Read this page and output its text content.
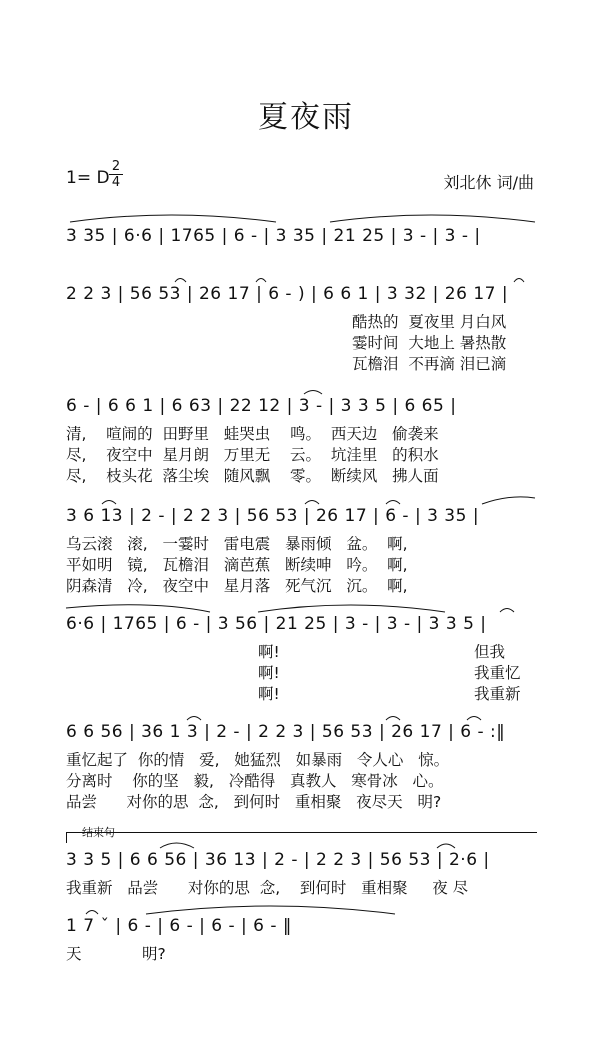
夏夜雨
1= D
2
4	刘北休 词/曲
3 35 | 6·6 | 1765 | 6 - | 3 35 | 21 25 | 3 - | 3 - |
2 2 3 | 56 53 | 26 17 | 6 - ) | 6 6 1 | 3 32 | 26 17 |
酷热的  夏夜里 月白风
霎时间  大地上 暑热散
瓦檐泪  不再滴 泪已滴
6 - | 6 6 1 | 6 63 | 22 12 | 3 - | 3 3 5 | 6 65 |
清,    喧闹的  田野里   蛙哭虫    鸣。  西天边   偷袭来
尽,    夜空中  星月朗   万里无    云。  坑洼里   的积水
尽,    枝头花  落尘埃   随风飘    零。  断续风   拂人面
3 6 13 | 2 - | 2 2 3 | 56 53 | 26 17 | 6 - | 3 35 |
乌云滚   滚,   一霎时   雷电震   暴雨倾   盆。  啊,
平如明   镜,   瓦檐泪   滴芭蕉   断续呻   吟。  啊,
阴森清   冷,   夜空中   星月落   死气沉   沉。  啊,
6·6 | 1765 | 6 - | 3 56 | 21 25 | 3 - | 3 - | 3 3 5 |
啊!
啊!
啊!
但我
我重忆
我重新
6 6 56 | 36 1 3 | 2 - | 2 2 3 | 56 53 | 26 17 | 6 - :‖
重忆起了  你的情   爱,   她猛烈   如暴雨   令人心   惊。
分离时    你的坚   毅,   冷酷得   真教人   寒骨冰   心。
品尝      对你的思  念,   到何时   重相聚   夜尽天   明?
结束句
3 3 5 | 6 6 56 | 36 13 | 2 - | 2 2 3 | 56 53 | 2·6 |
我重新   品尝      对你的思  念,    到何时   重相聚     夜 尽
1 7 ˇ | 6 - | 6 - | 6 - | 6 - ‖
天	明?
